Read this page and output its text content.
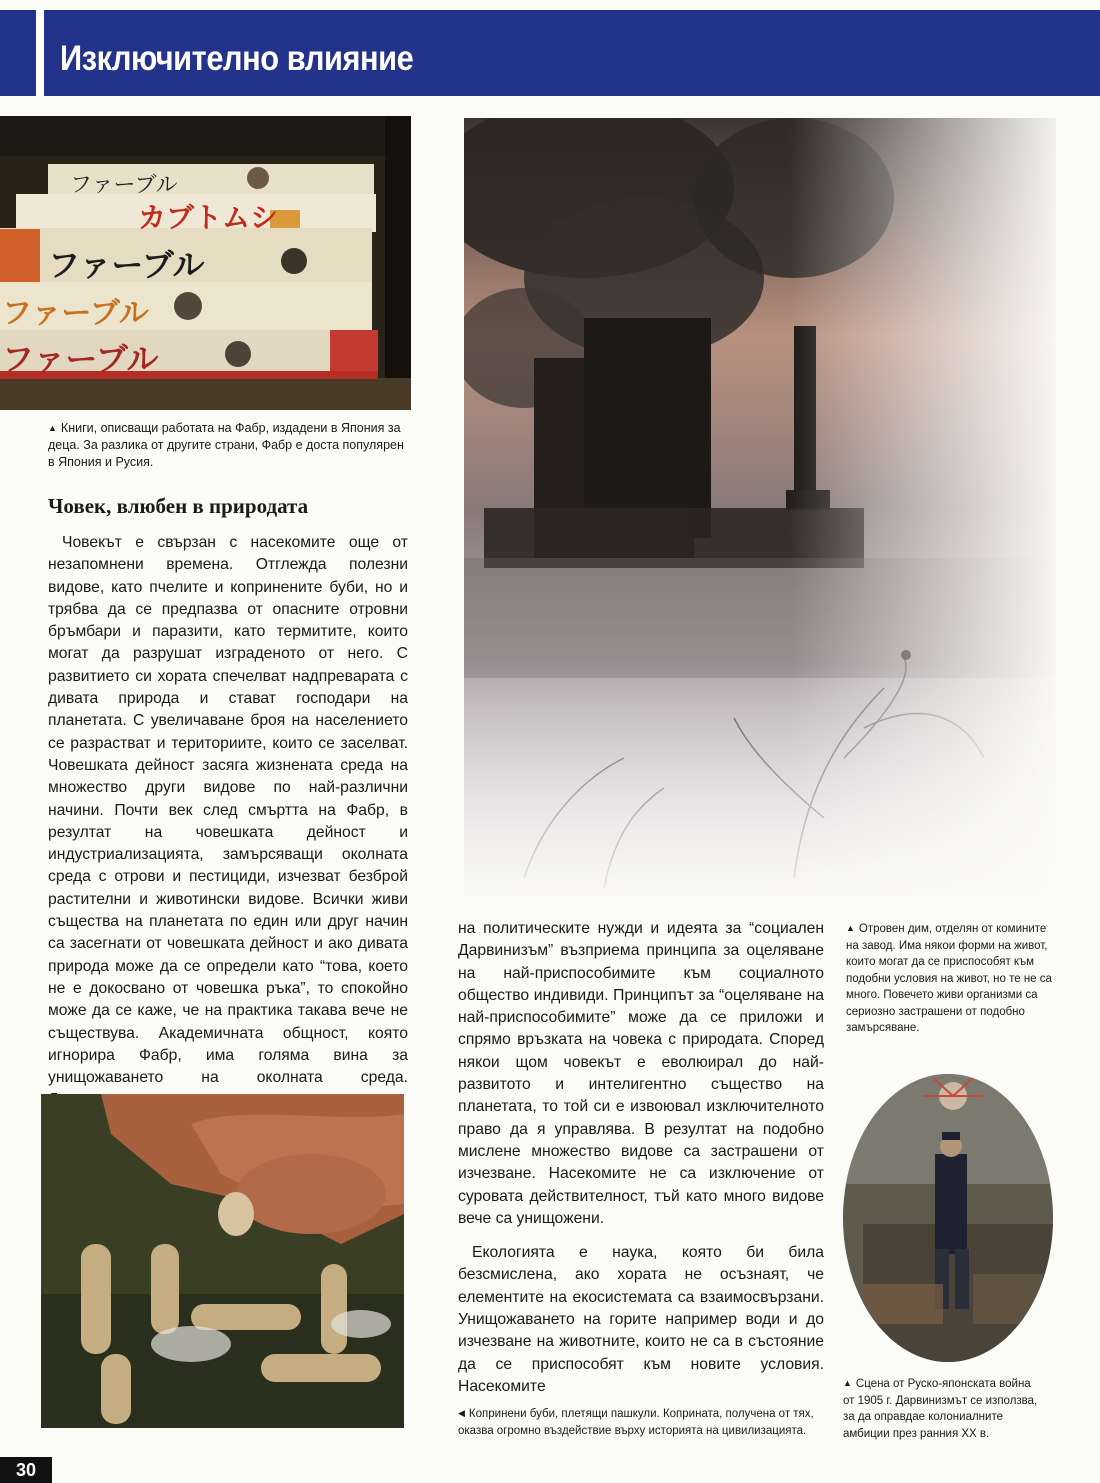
Изключително влияние
ファーブル
カブトムシ
ファーブル
ファーブル
ファーブル
▲ Книги, описващи работата на Фабр, издадени в Япония за деца. За разлика от другите страни, Фабр е доста популярен в Япония и Русия.
Човек, влюбен в природата

Човекът е свързан с насекомите още от незапомнени времена. Отглежда полезни видове, като пчелите и копринените буби, но и трябва да се предпазва от опасните отровни бръмбари и паразити, като термитите, които могат да разрушат изграденото от него. С развитието си хората спечелват надпреварата с дивата природа и стават господари на планетата. С увеличаване броя на населението се разрастват и териториите, които се заселват. Човешката дейност засяга жизнената среда на множество други видове по най-различни начини. Почти век след смъртта на Фабр, в резултат на човешката дейност и индустриализацията, замърсяващи околната среда с отрови и пестициди, изчезват безброй растителни и животински видове. Всички живи същества на планетата по един или друг начин са засегнати от човешката дейност и ако дивата природа може да се определи като “това, което не е докосвано от човешка ръка”, то спокойно може да се каже, че на практика такава вече не съществува. Академичната общност, която игнорира Фабр, има голяма вина за унищожаването на околната среда.

▲ Отровен дим, отделян от комините на завод. Има някои форми на живот, които могат да се приспособят към подобни условия на живот, но те не са много. Повечето живи организми са сериозно застрашени от подобно замърсяване.

на политическите нужди и идеята за “социален Дарвинизъм” възприема принципа за оцеляване на най-приспособимите към социалното общество индивиди. Принципът за “оцеляване на най-приспособимите” може да се приложи и спрямо връзката на човека с природата. Според някои щом човекът е еволюирал до най-развитото и интелигентно същество на планетата, то той си е извоювал изключителното право да я управлява. В резултат на подобно мислене множество видове са застрашени от изчезване. Насекомите не са изключение от суровата действителност, тъй като много видове вече са унищожени.

Екологията е наука, която би била безсмислена, ако хората не осъзнаят, че елементите на екосистемата са взаимосвързани. Унищожаването на горите например води и до изчезване на животните, които не са в състояние да се приспособят към новите условия. Насекомите	▲ Сцена от Руско-японската война от 1905 г. Дарвинизмът се използва, за да оправдае колониалните амбиции през ранния XX в.
◀ Копринени буби, плетящи пашкули. Коприната, получена от тях, оказва огромно въздействие върху историята на цивилизацията.
30
